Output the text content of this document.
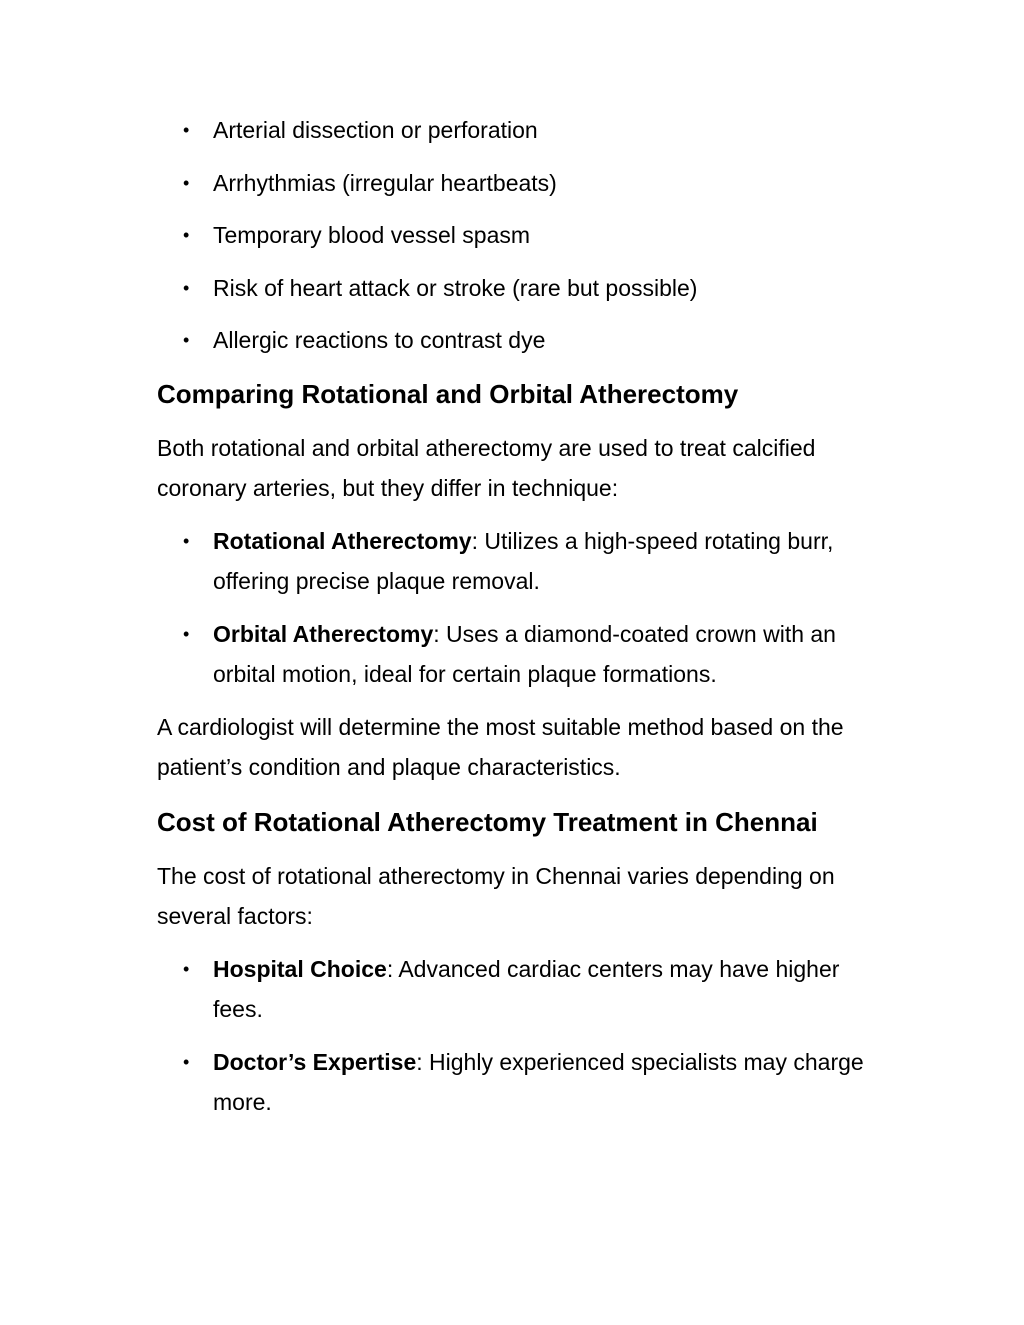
• Arterial dissection or perforation
• Arrhythmias (irregular heartbeats)
• Temporary blood vessel spasm
• Risk of heart attack or stroke (rare but possible)
• Allergic reactions to contrast dye
Comparing Rotational and Orbital Atherectomy

Both rotational and orbital atherectomy are used to treat calcified coronary arteries, but they differ in technique:

• Rotational Atherectomy: Utilizes a high-speed rotating burr, offering precise plaque removal.
• Orbital Atherectomy: Uses a diamond-coated crown with an orbital motion, ideal for certain plaque formations.

A cardiologist will determine the most suitable method based on the patient’s condition and plaque characteristics.

Cost of Rotational Atherectomy Treatment in Chennai

The cost of rotational atherectomy in Chennai varies depending on several factors:

• Hospital Choice: Advanced cardiac centers may have higher fees.
• Doctor’s Expertise: Highly experienced specialists may charge more.
